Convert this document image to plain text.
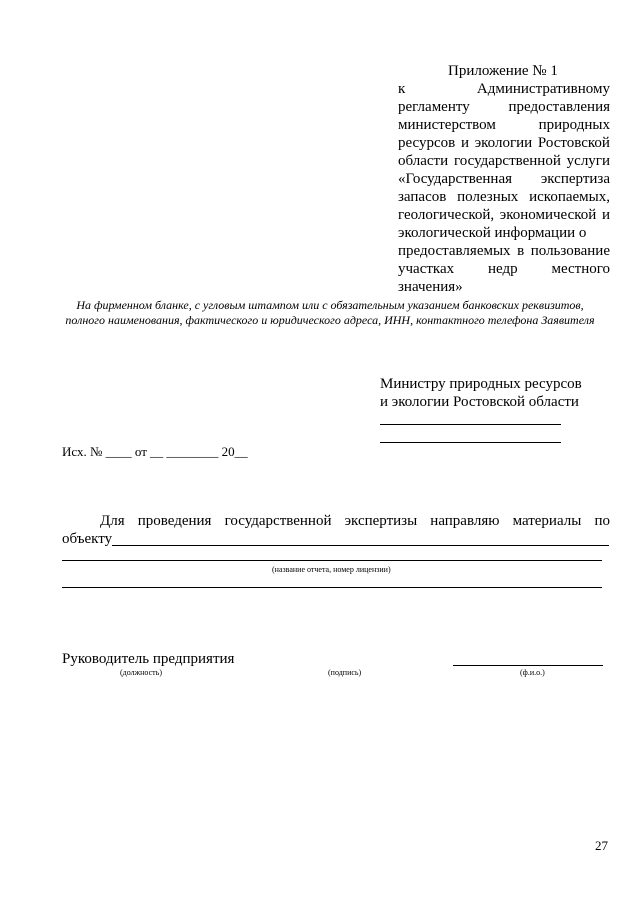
Приложение № 1
к	Административному
регламенту	предоставления
министерством	природных
ресурсов и экологии Ростовской
области государственной услуги
«Государственная экспертиза
запасов полезных ископаемых,
геологической, экономической и
экологической информации о
предоставляемых в пользование
участках недр местного
значения»
На фирменном бланке, с угловым штампом или с обязательным указанием банковских реквизитов, полного наименования, фактического и юридического адреса, ИНН, контактного телефона Заявителя
Министру природных ресурсов
и экологии Ростовской области
Исх. № ____ от __ ________ 20__
Для проведения государственной экспертизы направляю материалы по
объекту
(название отчета, номер лицензии)
Руководитель предприятия
(должность)	(подпись)	(ф.и.о.)
27
